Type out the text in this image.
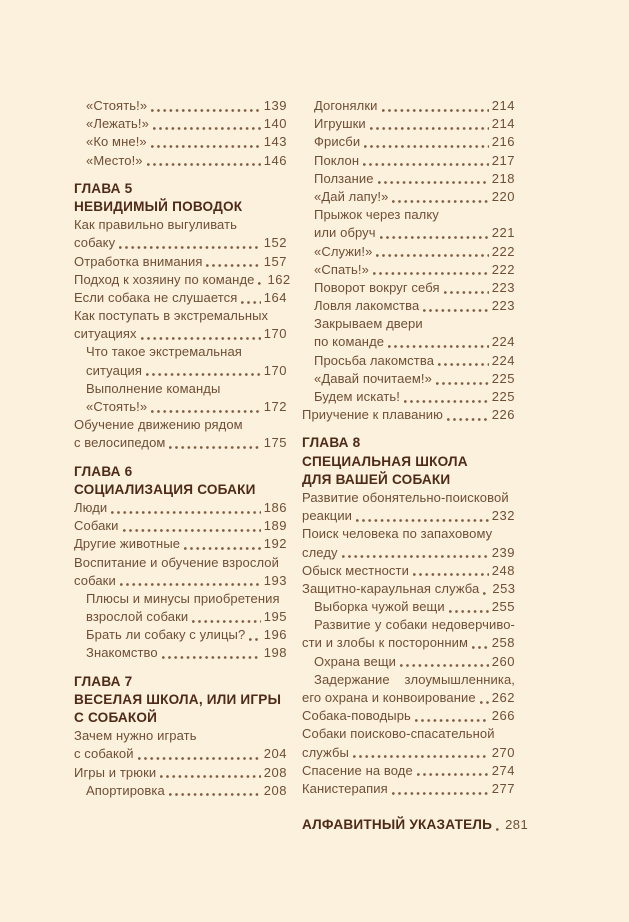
«Стоять!»	139
«Лежать!»	140
«Ко мне!»	143
«Место!»	146
ГЛАВА 5
НЕВИДИМЫЙ ПОВОДОК
Как правильно выгуливать
собаку	152
Отработка внимания	157
Подход к хозяину по команде 162
Если собака не слушается 164
Как поступать в экстремальных
ситуациях	170
Что такое экстремальная
ситуация	170
Выполнение команды
«Стоять!»	172
Обучение движению рядом
с велосипедом	175
ГЛАВА 6
СОЦИАЛИЗАЦИЯ СОБАКИ
Люди	186
Собаки	189
Другие животные	192
Воспитание и обучение взрослой
собаки	193
Плюсы и минусы приобретения
взрослой собаки	195
Брать ли собаку с улицы? 196
Знакомство	198
ГЛАВА 7
ВЕСЕЛАЯ ШКОЛА, ИЛИ ИГРЫ
С СОБАКОЙ
Зачем нужно играть
с собакой	204
Игры и трюки	208
Апортировка	208
Догонялки	214
Игрушки	214
Фрисби	216
Поклон	217
Ползание	218
«Дай лапу!»	220
Прыжок через палку
или обруч	221
«Служи!»	222
«Спать!»	222
Поворот вокруг себя	223
Ловля лакомства	223
Закрываем двери
по команде	224
Просьба лакомства	224
«Давай почитаем!»	225
Будем искать!	225
Приучение к плаванию	226
ГЛАВА 8
СПЕЦИАЛЬНАЯ ШКОЛА
ДЛЯ ВАШЕЙ СОБАКИ
Развитие обонятельно-поисковой
реакции	232
Поиск человека по запаховому
следу	239
Обыск местности	248
Защитно-караульная служба 253
Выборка чужой вещи	255
Развитие у собаки недоверчиво-
сти и злобы к посторонним 258
Охрана вещи	260
Задержание злоумышленника,
его охрана и конвоирование 262
Собака-поводырь	266
Собаки поисково-спасательной
службы	270
Спасение на воде	274
Канистерапия	277
АЛФАВИТНЫЙ УКАЗАТЕЛЬ 281
